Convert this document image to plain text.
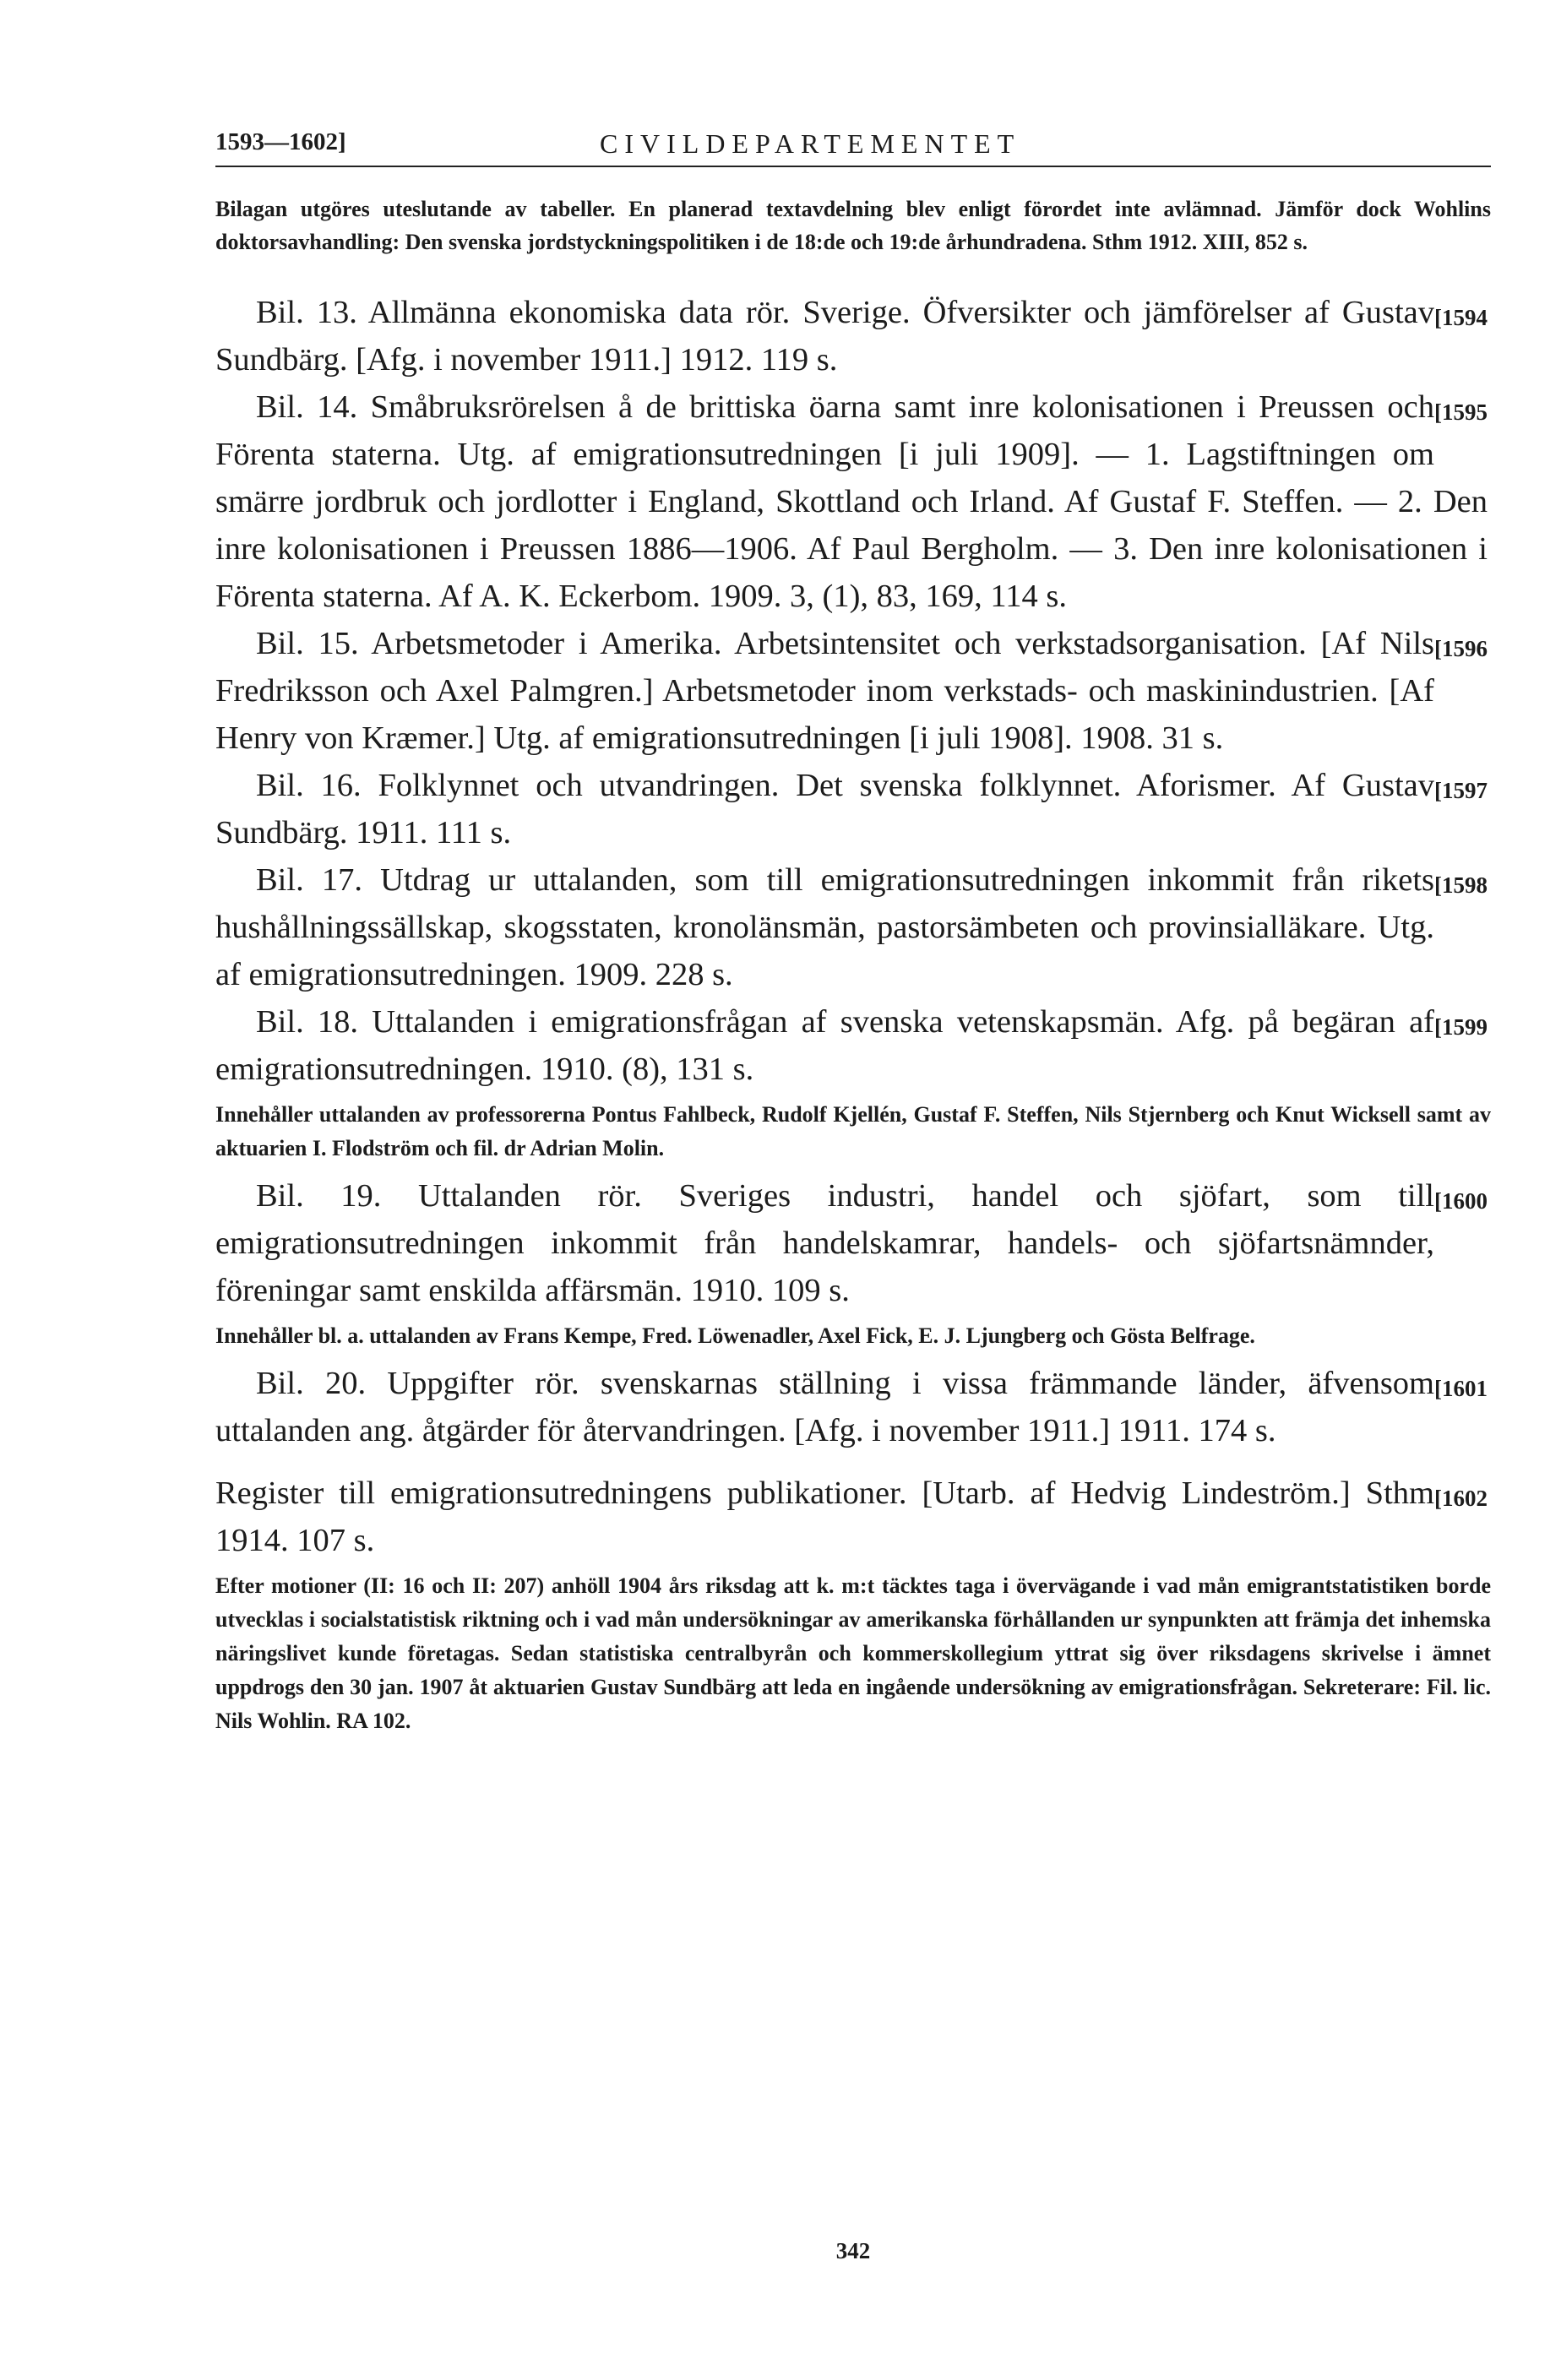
1593—1602]	CIVILDEPARTEMENTET

Bilagan utgöres uteslutande av tabeller. En planerad textavdelning blev enligt förordet inte avlämnad. Jämför dock Wohlins doktorsavhandling: Den svenska jordstyckningspolitiken i de 18:de och 19:de århundradena. Sthm 1912. XIII, 852 s.

[1594
Bil. 13. Allmänna ekonomiska data rör. Sverige. Öfversikter och jämförelser af Gustav Sundbärg. [Afg. i november 1911.] 1912. 119 s.
[1595
Bil. 14. Småbruksrörelsen å de brittiska öarna samt inre kolonisationen i Preussen och Förenta staterna. Utg. af emigrationsutredningen [i juli 1909]. — 1. Lagstiftningen om smärre jordbruk och jordlotter i England, Skottland och Irland. Af Gustaf F. Steffen. — 2. Den inre kolonisationen i Preussen 1886—1906. Af Paul Bergholm. — 3. Den inre kolonisationen i Förenta staterna. Af A. K. Eckerbom. 1909. 3, (1), 83, 169, 114 s.
[1596
Bil. 15. Arbetsmetoder i Amerika. Arbetsintensitet och verkstadsorganisation. [Af Nils Fredriksson och Axel Palmgren.] Arbetsmetoder inom verkstads- och maskinindustrien. [Af Henry von Kræmer.] Utg. af emigrationsutredningen [i juli 1908]. 1908. 31 s.
[1597
Bil. 16. Folklynnet och utvandringen. Det svenska folklynnet. Aforismer. Af Gustav Sundbärg. 1911. 111 s.
[1598
Bil. 17. Utdrag ur uttalanden, som till emigrationsutredningen inkommit från rikets hushållningssällskap, skogsstaten, kronolänsmän, pastorsämbeten och provinsialläkare. Utg. af emigrationsutredningen. 1909. 228 s.
[1599
Bil. 18. Uttalanden i emigrationsfrågan af svenska vetenskapsmän. Afg. på begäran af emigrationsutredningen. 1910. (8), 131 s.

Innehåller uttalanden av professorerna Pontus Fahlbeck, Rudolf Kjellén, Gustaf F. Steffen, Nils Stjernberg och Knut Wicksell samt av aktuarien I. Flodström och fil. dr Adrian Molin.

[1600
Bil. 19. Uttalanden rör. Sveriges industri, handel och sjöfart, som till emigrationsutredningen inkommit från handelskamrar, handels- och sjöfartsnämnder, föreningar samt enskilda affärsmän. 1910. 109 s.

Innehåller bl. a. uttalanden av Frans Kempe, Fred. Löwenadler, Axel Fick, E. J. Ljungberg och Gösta Belfrage.

[1601
Bil. 20. Uppgifter rör. svenskarnas ställning i vissa främmande länder, äfvensom uttalanden ang. åtgärder för återvandringen. [Afg. i november 1911.] 1911. 174 s.
[1602
Register till emigrationsutredningens publikationer. [Utarb. af Hedvig Lindeström.] Sthm 1914. 107 s.

Efter motioner (II: 16 och II: 207) anhöll 1904 års riksdag att k. m:t täcktes taga i övervägande i vad mån emigrantstatistiken borde utvecklas i socialstatistisk riktning och i vad mån undersökningar av amerikanska förhållanden ur synpunkten att främja det inhemska näringslivet kunde företagas. Sedan statistiska centralbyrån och kommerskollegium yttrat sig över riksdagens skrivelse i ämnet uppdrogs den 30 jan. 1907 åt aktuarien Gustav Sundbärg att leda en ingående undersökning av emigrationsfrågan. Sekreterare: Fil. lic. Nils Wohlin. RA 102.

342
